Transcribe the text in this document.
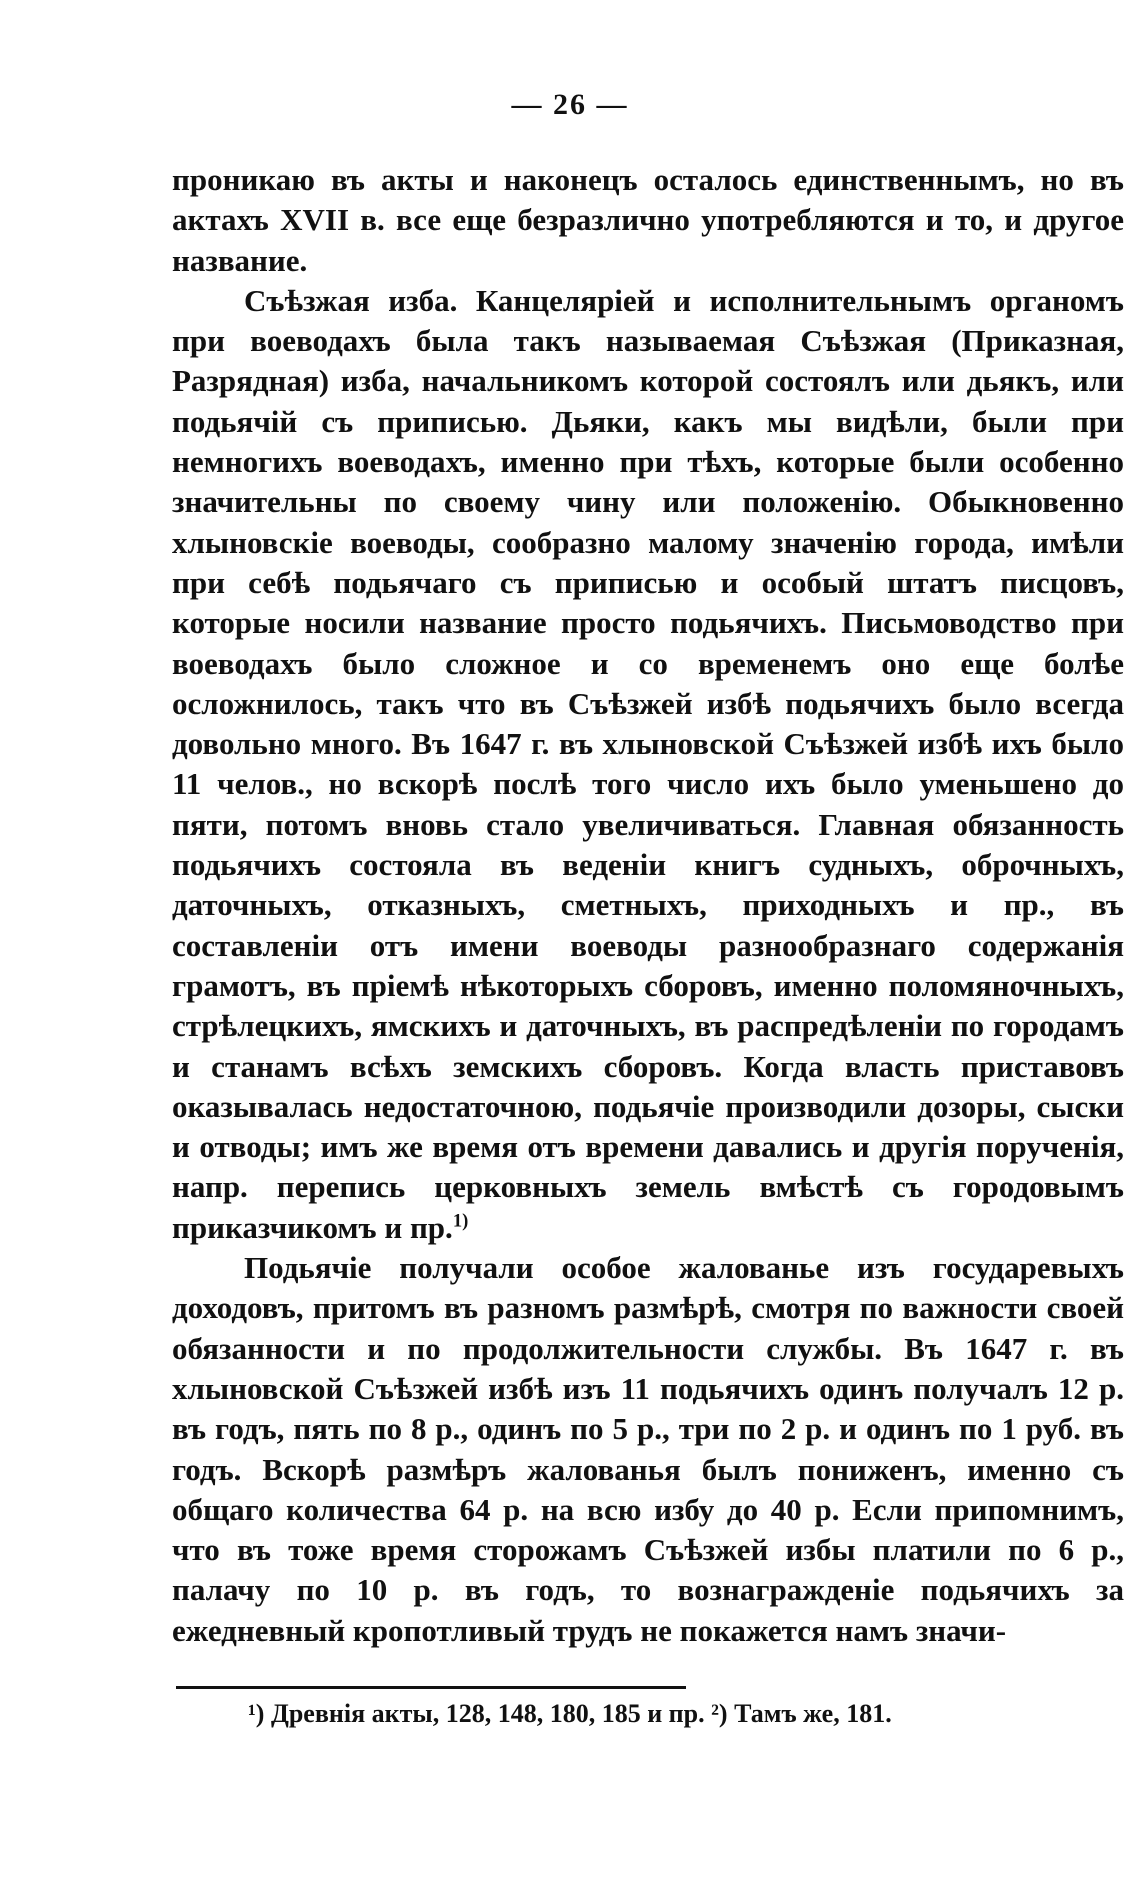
— 26 —

проникаю въ акты и наконецъ осталось единственнымъ, но въ актахъ XVII в. все еще безразлично употребляются и то, и другое название.

Съѣзжая изба. Канцелярiей и исполнительнымъ органомъ при воеводахъ была такъ называемая Съѣзжая (Приказная, Разрядная) изба, начальникомъ которой состоялъ или дьякъ, или подьячiй съ приписью. Дьяки, какъ мы видѣли, были при немногихъ воеводахъ, именно при тѣхъ, которые были особенно значительны по своему чину или положенiю. Обыкновенно хлыновскiе воеводы, сообразно малому значенiю города, имѣли при себѣ подьячаго съ приписью и особый штатъ писцовъ, которые носили название просто подьячихъ. Письмоводство при воеводахъ было сложное и со временемъ оно еще болѣе осложнилось, такъ что въ Съѣзжей избѣ подьячихъ было всегда довольно много. Въ 1647 г. въ хлыновской Съѣзжей избѣ ихъ было 11 челов., но вскорѣ послѣ того число ихъ было уменьшено до пяти, потомъ вновь стало увеличиваться. Главная обязанность подьячихъ состояла въ веденiи книгъ судныхъ, оброчныхъ, даточныхъ, отказныхъ, сметныхъ, приходныхъ и пр., въ составленiи отъ имени воеводы разнообразнаго содержанiя грамотъ, въ прiемѣ нѣкоторыхъ сборовъ, именно поломяночныхъ, стрѣлецкихъ, ямскихъ и даточныхъ, въ распредѣленiи по городамъ и станамъ всѣхъ земскихъ сборовъ. Когда власть приставовъ оказывалась недостаточною, подьячiе производили дозоры, сыски и отводы; имъ же время отъ времени давались и другiя порученiя, напр. перепись церковныхъ земель вмѣстѣ съ городовымъ приказчикомъ и пр.$^{1)}$

Подьячiе получали особое жалованье изъ государевыхъ доходовъ, притомъ въ разномъ размѣрѣ, смотря по важности своей обязанности и по продолжительности службы. Въ 1647 г. въ хлыновской Съѣзжей избѣ изъ 11 подьячихъ одинъ получалъ 12 р. въ годъ, пять по 8 р., одинъ по 5 р., три по 2 р. и одинъ по 1 руб. въ годъ. Вскорѣ размѣръ жалованья былъ пониженъ, именно съ общаго количества 64 р. на всю избу до 40 р. Если припомнимъ, что въ тоже время сторожамъ Съѣзжей избы платили по 6 р., палачу по 10 р. въ годъ, то вознагражденiе подьячихъ за ежедневный кропотливый трудъ не покажется намъ значи-

¹) Древнiя акты, 128, 148, 180, 185 и пр. ²) Тамъ же, 181.
